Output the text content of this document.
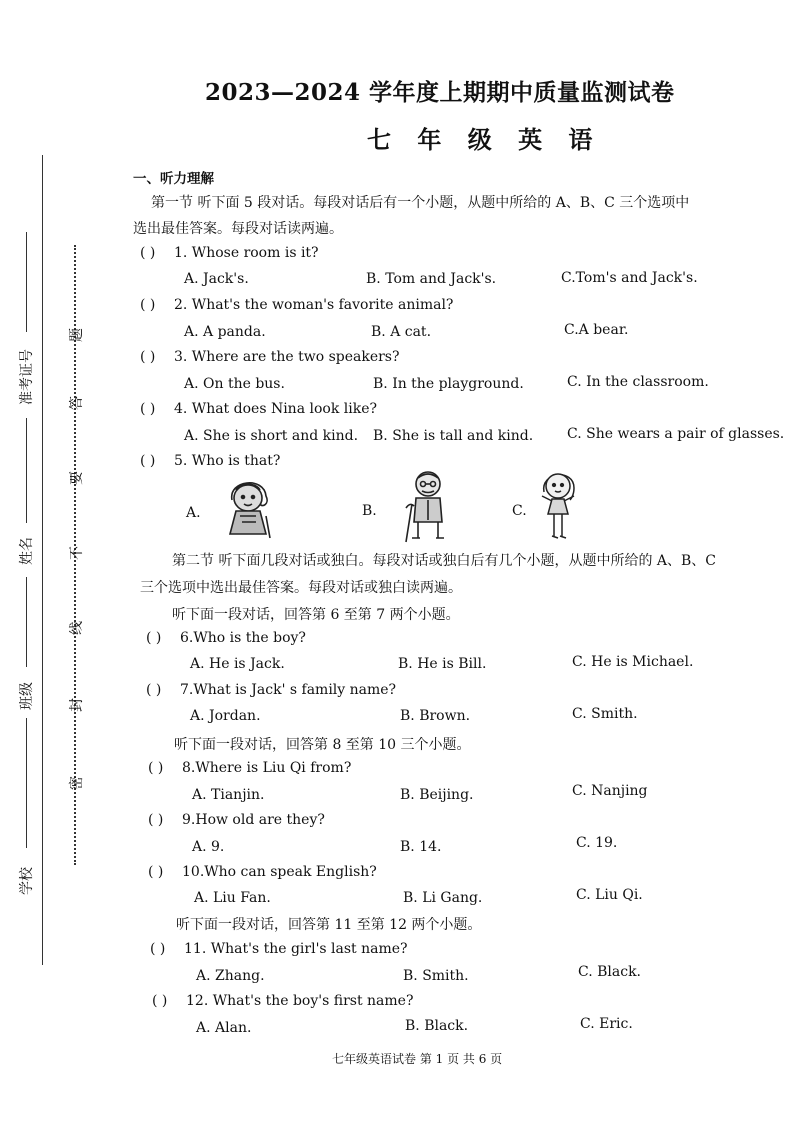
2023—2024 学年度上期期中质量监测试卷
七 年 级 英 语
准考证号
姓名
班级
学校
题
答
要
不
线
封
密
一、听力理解
第一节 听下面 5 段对话。每段对话后有一个小题，从题中所给的 A、B、C 三个选项中
选出最佳答案。每段对话读两遍。
( ) 1. Whose room is it?
A. Jack's.	B. Tom and Jack's.	C.Tom's and Jack's.
( ) 2. What's the woman's favorite animal?
A. A panda.	B. A cat.	C.A bear.
( ) 3. Where are the two speakers?
A. On the bus.	B. In the playground.	C. In the classroom.
( ) 4. What does Nina look like?
A. She is short and kind. B. She is tall and kind. C. She wears a pair of glasses.
( ) 5. Who is that?
A.	B.	C.
第二节 听下面几段对话或独白。每段对话或独白后有几个小题，从题中所给的 A、B、C
三个选项中选出最佳答案。每段对话或独白读两遍。
听下面一段对话，回答第 6 至第 7 两个小题。
( ) 6.Who is the boy?
A. He is Jack.	B. He is Bill.	C. He is Michael.
( ) 7.What is Jack' s family name?
A. Jordan.	B. Brown.	C. Smith.
听下面一段对话，回答第 8 至第 10 三个小题。
( ) 8.Where is Liu Qi from?
A. Tianjin.	B. Beijing.	C. Nanjing
( ) 9.How old are they?
A. 9.	B. 14.	C. 19.
( ) 10.Who can speak English?
A. Liu Fan.	B. Li Gang.	C. Liu Qi.
听下面一段对话，回答第 11 至第 12 两个小题。
( ) 11. What's the girl's last name?
A. Zhang.	B. Smith.	C. Black.
( ) 12. What's the boy's first name?
A. Alan.	B. Black.	C. Eric.
七年级英语试卷 第 1 页 共 6 页
